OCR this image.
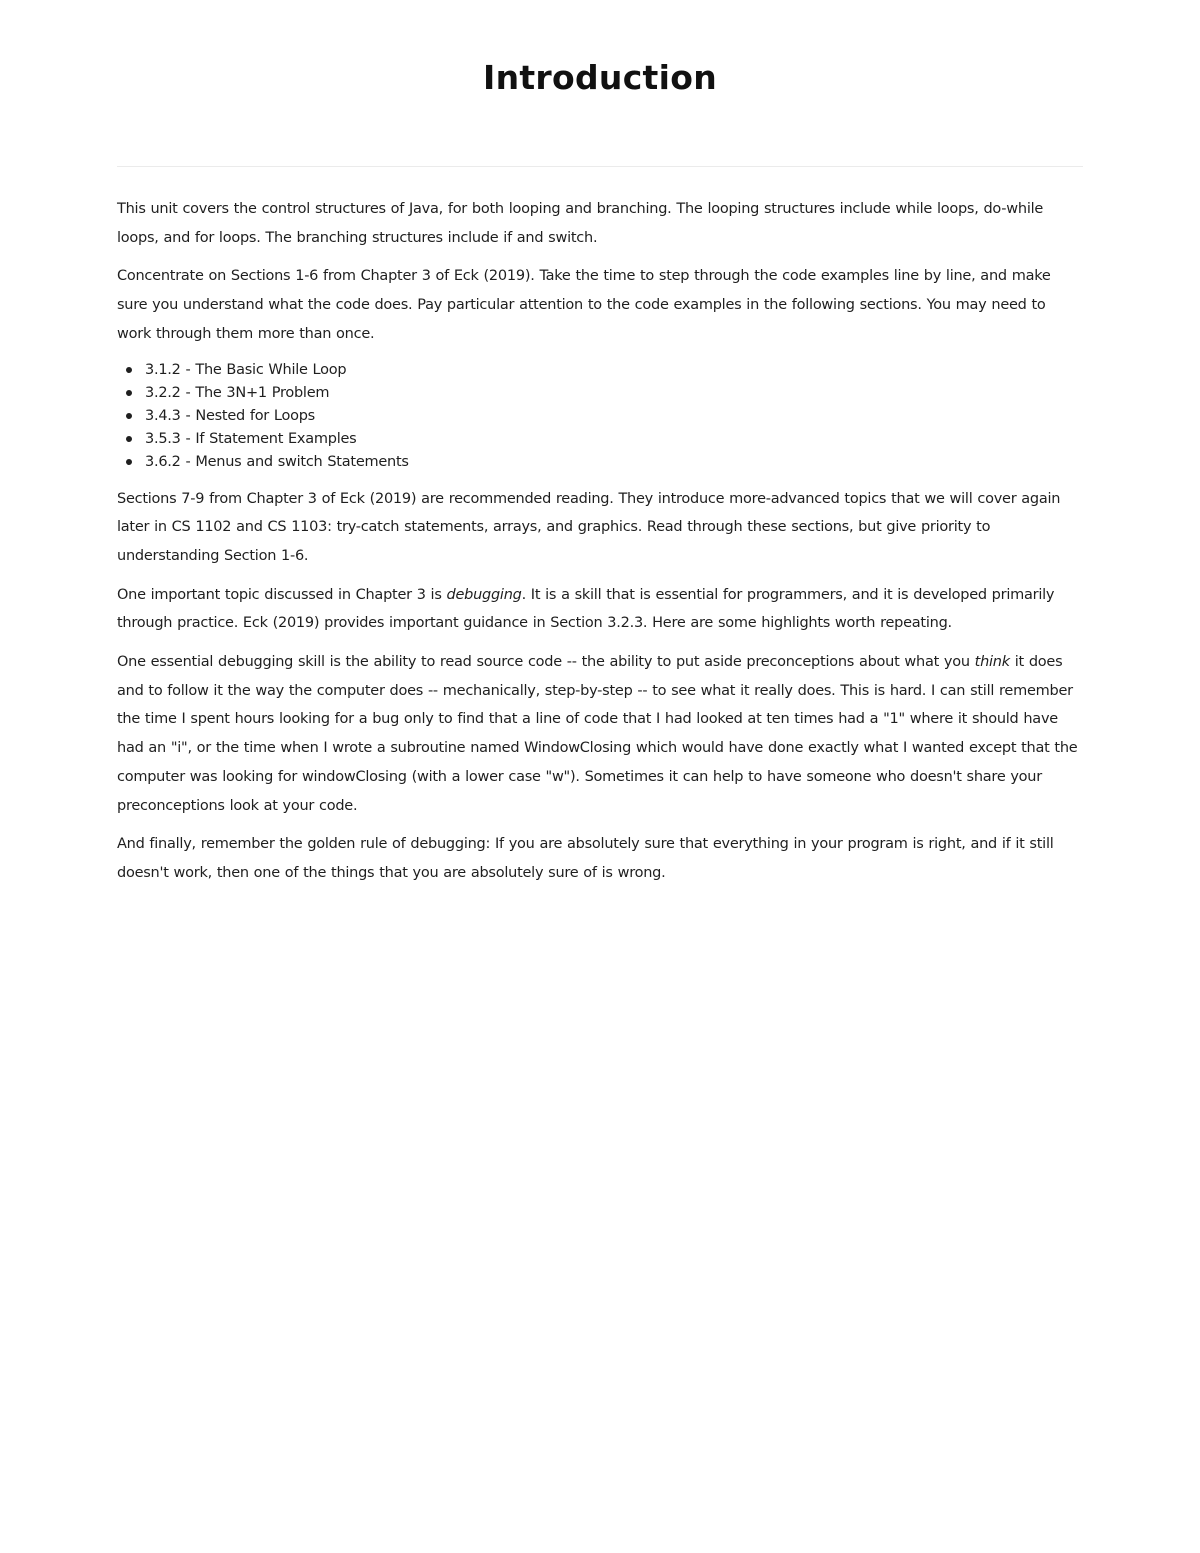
Introduction

This unit covers the control structures of Java, for both looping and branching. The looping structures include while loops, do-while loops, and for loops. The branching structures include if and switch.

Concentrate on Sections 1-6 from Chapter 3 of Eck (2019). Take the time to step through the code examples line by line, and make sure you understand what the code does. Pay particular attention to the code examples in the following sections. You may need to work through them more than once.

3.1.2 - The Basic While Loop
3.2.2 - The 3N+1 Problem
3.4.3 - Nested for Loops
3.5.3 - If Statement Examples
3.6.2 - Menus and switch Statements

Sections 7-9 from Chapter 3 of Eck (2019) are recommended reading. They introduce more-advanced topics that we will cover again later in CS 1102 and CS 1103: try-catch statements, arrays, and graphics. Read through these sections, but give priority to understanding Section 1-6.

One important topic discussed in Chapter 3 is debugging. It is a skill that is essential for programmers, and it is developed primarily through practice. Eck (2019) provides important guidance in Section 3.2.3. Here are some highlights worth repeating.

One essential debugging skill is the ability to read source code -- the ability to put aside preconceptions about what you think it does and to follow it the way the computer does -- mechanically, step-by-step -- to see what it really does. This is hard. I can still remember the time I spent hours looking for a bug only to find that a line of code that I had looked at ten times had a "1" where it should have had an "i", or the time when I wrote a subroutine named WindowClosing which would have done exactly what I wanted except that the computer was looking for windowClosing (with a lower case "w"). Sometimes it can help to have someone who doesn't share your preconceptions look at your code.

And finally, remember the golden rule of debugging: If you are absolutely sure that everything in your program is right, and if it still doesn't work, then one of the things that you are absolutely sure of is wrong.
